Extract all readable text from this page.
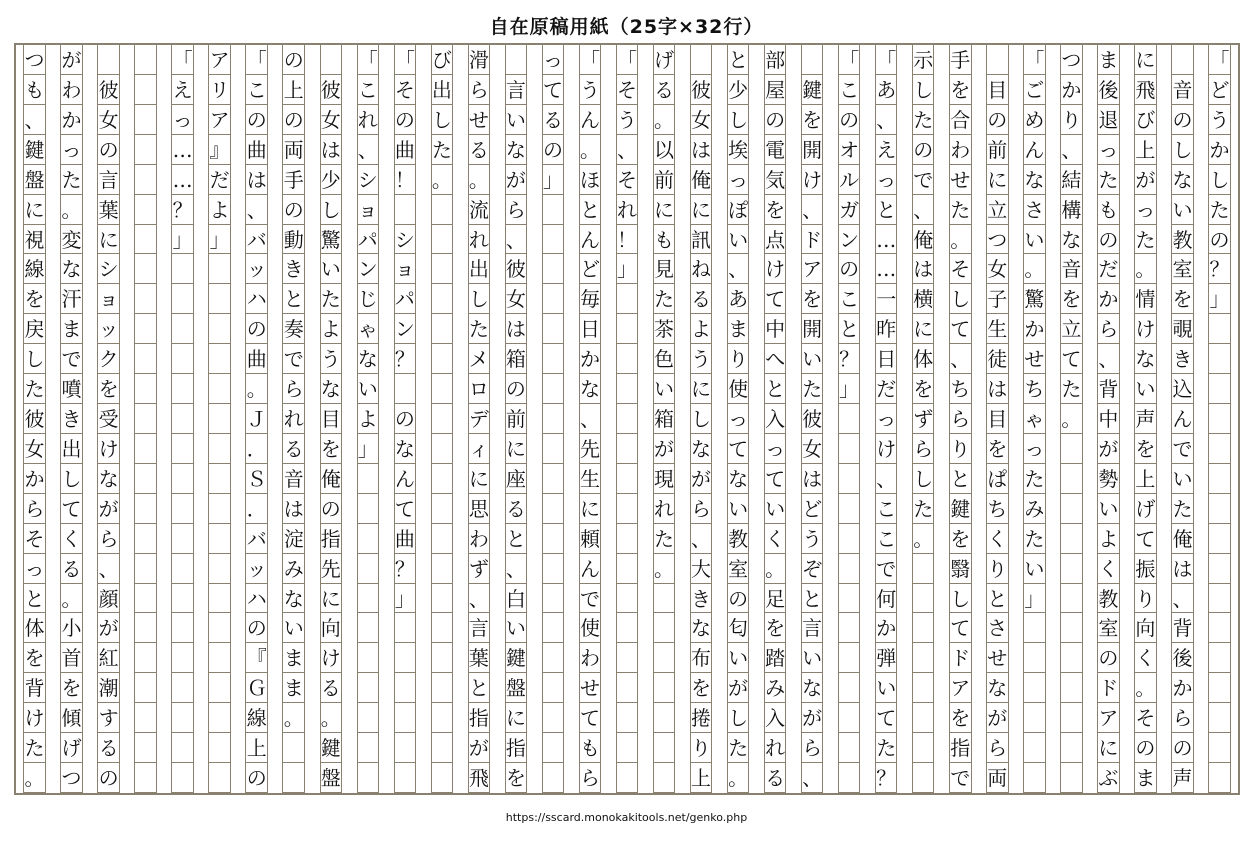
自在原稿用紙（25字×32行）
「
ど
う
か
し
た
の
？
」

音
の
し
な
い
教
室
を
覗
き
込
ん
で
い
た
俺
は
、
背
後
か
ら
の
声
に
飛
び
上
が
っ
た
。
情
け
な
い
声
を
上
げ
て
振
り
向
く
。
そ
の
ま
ま
後
退
っ
た
も
の
だ
か
ら
、
背
中
が
勢
い
よ
く
教
室
の
ド
ア
に
ぶ
つ
か
り
、
結
構
な
音
を
立
て
た
。
「
ご
め
ん
な
さ
い
。
驚
か
せ
ち
ゃ
っ
た
み
た
い
」

目
の
前
に
立
つ
女
子
生
徒
は
目
を
ぱ
ち
く
り
と
さ
せ
な
が
ら
両
手
を
合
わ
せ
た
。
そ
し
て
、
ち
ら
り
と
鍵
を
翳
し
て
ド
ア
を
指
で
示
し
た
の
で
、
俺
は
横
に
体
を
ず
ら
し
た
。
「
あ
、
え
っ
と
…
…
一
昨
日
だ
っ
け
、
こ
こ
で
何
か
弾
い
て
た
？
「
こ
の
オ
ル
ガ
ン
の
こ
と
？
」

鍵
を
開
け
、
ド
ア
を
開
い
た
彼
女
は
ど
う
ぞ
と
言
い
な
が
ら
、
部
屋
の
電
気
を
点
け
て
中
へ
と
入
っ
て
い
く
。
足
を
踏
み
入
れ
る
と
少
し
埃
っ
ぽ
い
、
あ
ま
り
使
っ
て
な
い
教
室
の
匂
い
が
し
た
。

彼
女
は
俺
に
訊
ね
る
よ
う
に
し
な
が
ら
、
大
き
な
布
を
捲
り
上
げ
る
。
以
前
に
も
見
た
茶
色
い
箱
が
現
れ
た
。
「
そ
う
、
そ
れ
！
」
「
う
ん
。
ほ
と
ん
ど
毎
日
か
な
、
先
生
に
頼
ん
で
使
わ
せ
て
も
ら
っ
て
る
の
」

言
い
な
が
ら
、
彼
女
は
箱
の
前
に
座
る
と
、
白
い
鍵
盤
に
指
を
滑
ら
せ
る
。
流
れ
出
し
た
メ
ロ
デ
ィ
に
思
わ
ず
、
言
葉
と
指
が
飛
び
出
し
た
。
「
そ
の
曲
！

シ
ョ
パ
ン
？

の
な
ん
て
曲
？
」
「
こ
れ
、
シ
ョ
パ
ン
じ
ゃ
な
い
よ
」

彼
女
は
少
し
驚
い
た
よ
う
な
目
を
俺
の
指
先
に
向
け
る
。
鍵
盤
の
上
の
両
手
の
動
き
と
奏
で
ら
れ
る
音
は
淀
み
な
い
ま
ま
。
「
こ
の
曲
は
、
バ
ッ
ハ
の
曲
。
Ｊ
．
Ｓ
．
バ
ッ
ハ
の
『
Ｇ
線
上
の
ア
リ
ア
』
だ
よ
」
「
え
っ
…
…
？
」

彼
女
の
言
葉
に
シ
ョ
ッ
ク
を
受
け
な
が
ら
、
顔
が
紅
潮
す
る
の
が
わ
か
っ
た
。
変
な
汗
ま
で
噴
き
出
し
て
く
る
。
小
首
を
傾
げ
つ
つ
も
、
鍵
盤
に
視
線
を
戻
し
た
彼
女
か
ら
そ
っ
と
体
を
背
け
た
。
https://sscard.monokakitools.net/genko.php
